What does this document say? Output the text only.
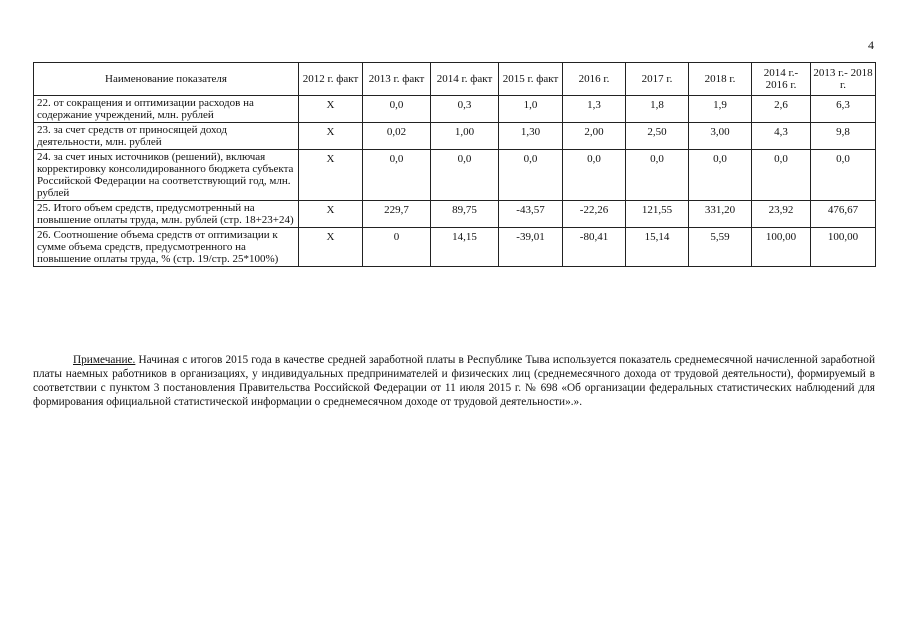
4
Наименование показателя	2012 г. факт	2013 г. факт	2014 г. факт	2015 г. факт	2016 г.	2017 г.	2018 г.	2014 г.- 2016 г.	2013 г.- 2018 г.
22. от сокращения и оптимизации расходов на содержание учреждений, млн. рублей	Х	0,0	0,3	1,0	1,3	1,8	1,9	2,6	6,3
23. за счет средств от приносящей доход деятельности, млн. рублей	Х	0,02	1,00	1,30	2,00	2,50	3,00	4,3	9,8
24. за счет иных источников (решений), включая корректировку консолидированного бюджета субъекта Российской Федерации на соответствующий год, млн. рублей	Х	0,0	0,0	0,0	0,0	0,0	0,0	0,0	0,0
25. Итого объем средств, предусмотренный на повышение оплаты труда, млн. рублей (стр. 18+23+24)	Х	229,7	89,75	-43,57	-22,26	121,55	331,20	23,92	476,67
26. Соотношение объема средств от оптимизации к сумме объема средств, предусмотренного на повышение оплаты труда, % (стр. 19/стр. 25*100%)	Х	0	14,15	-39,01	-80,41	15,14	5,59	100,00	100,00

Примечание. Начиная с итогов 2015 года в качестве средней заработной платы в Республике Тыва используется показатель среднемесячной начисленной заработной платы наемных работников в организациях, у индивидуальных предпринимателей и физических лиц (среднемесячного дохода от трудовой деятельности), формируемый в соответствии с пунктом 3 постановления Правительства Российской Федерации от 11 июля 2015 г. № 698 «Об организации федеральных статистических наблюдений для формирования официальной статистической информации о среднемесячном доходе от трудовой деятельности».».
